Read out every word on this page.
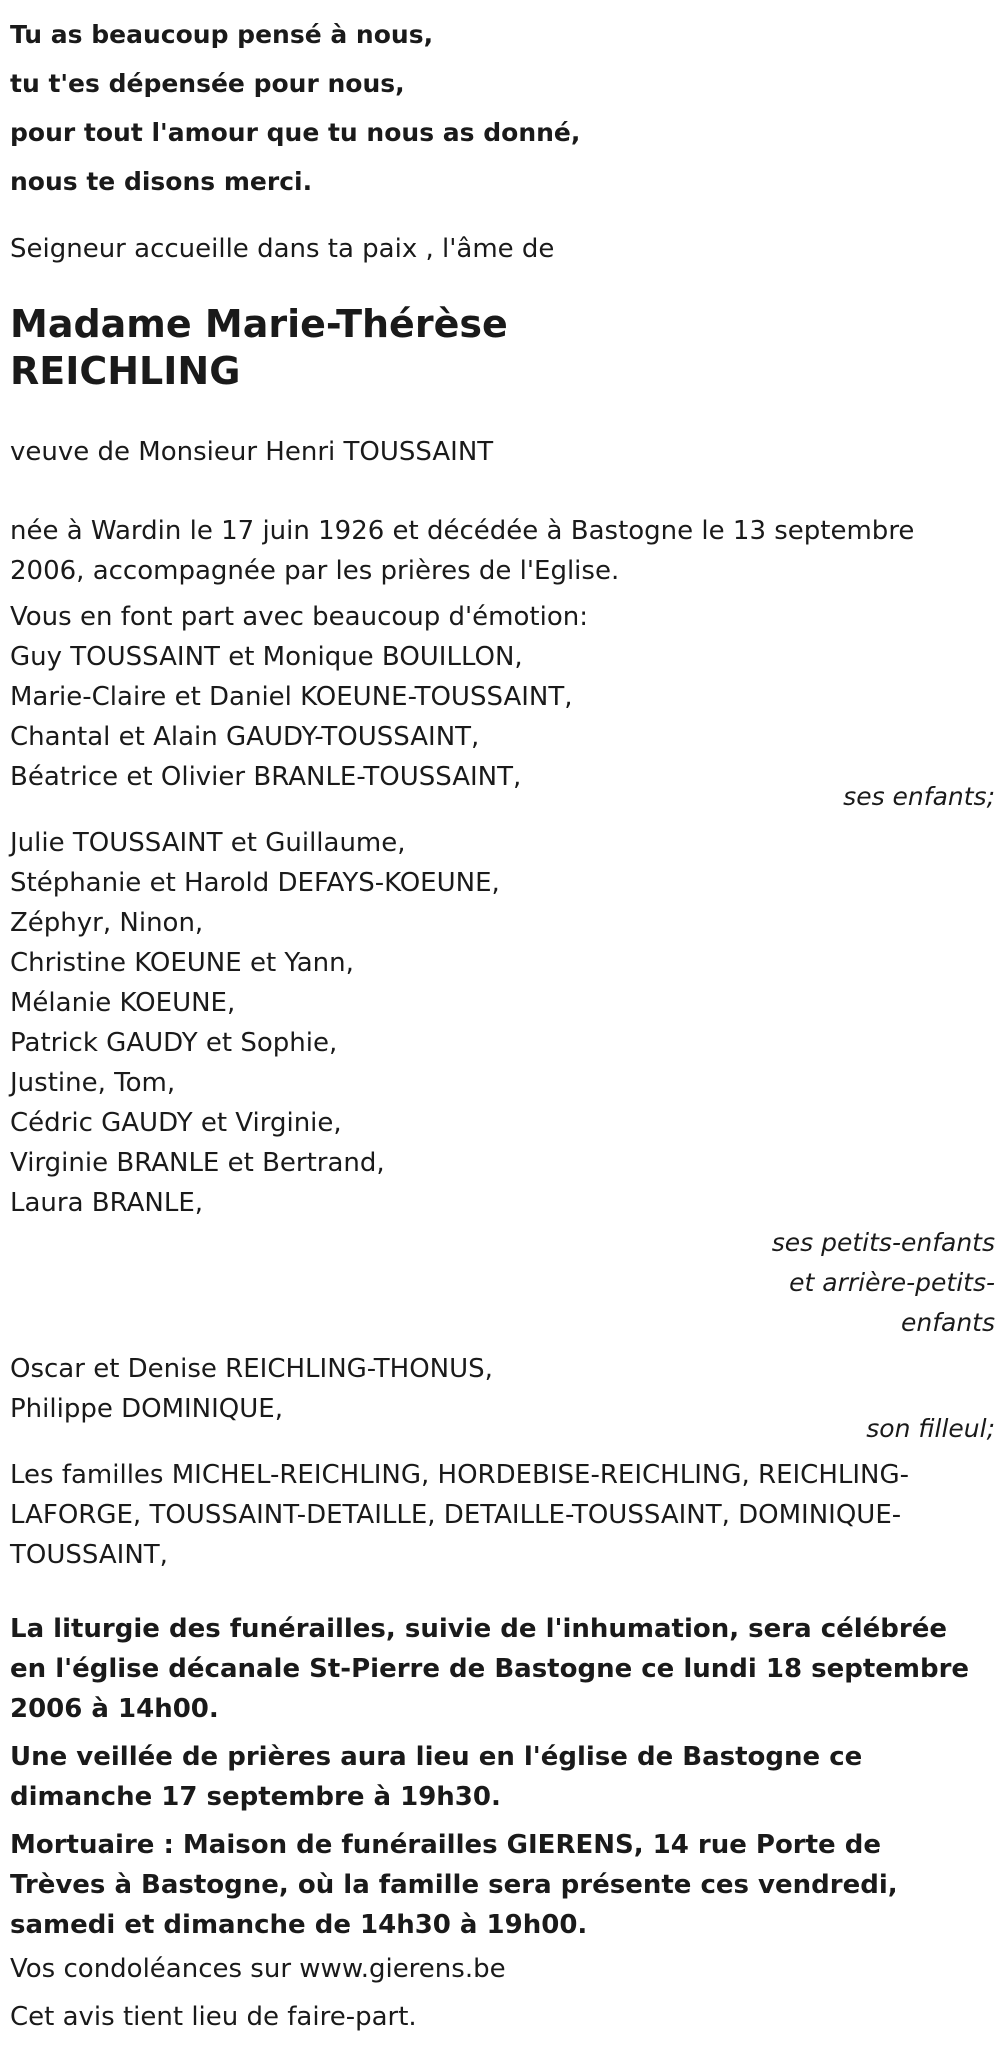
Tu as beaucoup pensé à nous,
tu t'es dépensée pour nous,
pour tout l'amour que tu nous as donné,
nous te disons merci.
Seigneur accueille dans ta paix , l'âme de
Madame Marie-Thérèse
REICHLING
veuve de Monsieur Henri TOUSSAINT
née à Wardin le 17 juin 1926 et décédée à Bastogne le 13 septembre 2006, accompagnée par les prières de l'Eglise.
Vous en font part avec beaucoup d'émotion:
Guy TOUSSAINT et Monique BOUILLON,
Marie-Claire et Daniel KOEUNE-TOUSSAINT,
Chantal et Alain GAUDY-TOUSSAINT,
Béatrice et Olivier BRANLE-TOUSSAINT,
ses enfants;
Julie TOUSSAINT et Guillaume,
Stéphanie et Harold DEFAYS-KOEUNE,
Zéphyr, Ninon,
Christine KOEUNE et Yann,
Mélanie KOEUNE,
Patrick GAUDY et Sophie,
Justine, Tom,
Cédric GAUDY et Virginie,
Virginie BRANLE et Bertrand,
Laura BRANLE,
ses petits-enfants
et arrière-petits-
enfants
Oscar et Denise REICHLING-THONUS,
Philippe DOMINIQUE,
son filleul;
Les familles MICHEL-REICHLING, HORDEBISE-REICHLING, REICHLING-LAFORGE, TOUSSAINT-DETAILLE, DETAILLE-TOUSSAINT, DOMINIQUE-TOUSSAINT,
La liturgie des funérailles, suivie de l'inhumation, sera célébrée en l'église décanale St-Pierre de Bastogne ce lundi 18 septembre 2006 à 14h00.
Une veillée de prières aura lieu en l'église de Bastogne ce dimanche 17 septembre à 19h30.
Mortuaire : Maison de funérailles GIERENS, 14 rue Porte de Trèves à Bastogne, où la famille sera présente ces vendredi, samedi et dimanche de 14h30 à 19h00.
Vos condoléances sur www.gierens.be
Cet avis tient lieu de faire-part.
